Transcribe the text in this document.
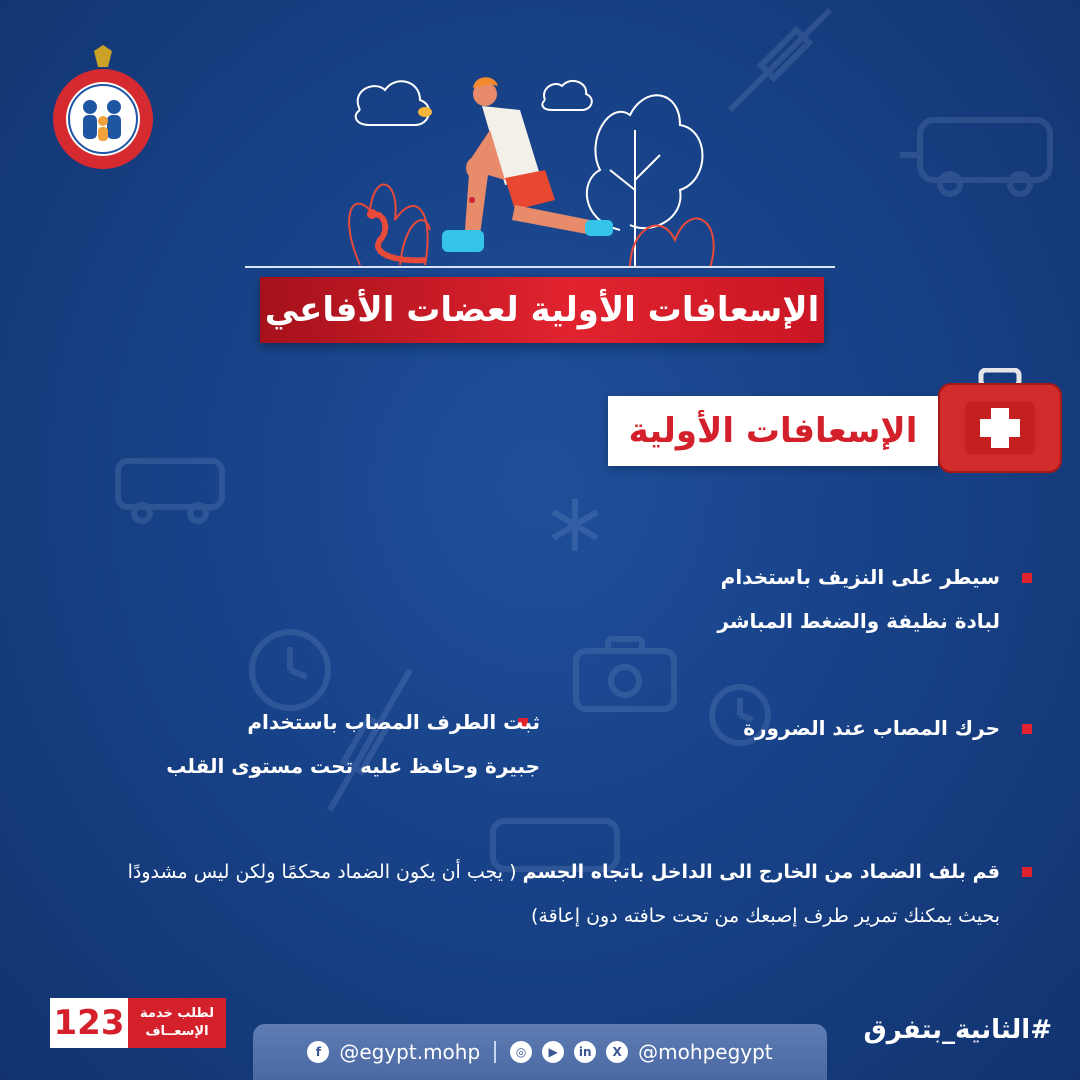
الإسعافات الأولية لعضات الأفاعي
الإسعافات الأولية
سيطر على النزيف باستخدام
لبادة نظيفة والضغط المباشر
حرك المصاب عند الضرورة
ثبت الطرف المصاب باستخدام
جبيرة وحافظ عليه تحت مستوى القلب
قم بلف الضماد من الخارج الى الداخل باتجاه الجسم ( يجب أن يكون الضماد محكمًا ولكن ليس مشدودًا بحيث يمكنك تمرير طرف إصبعك من تحت حافته دون إعاقة)
123 لطلب خدمة
الإسعــاف
f @egypt.mohp	◎	▶	in	X @mohpegypt
#الثانية_بتفرق
